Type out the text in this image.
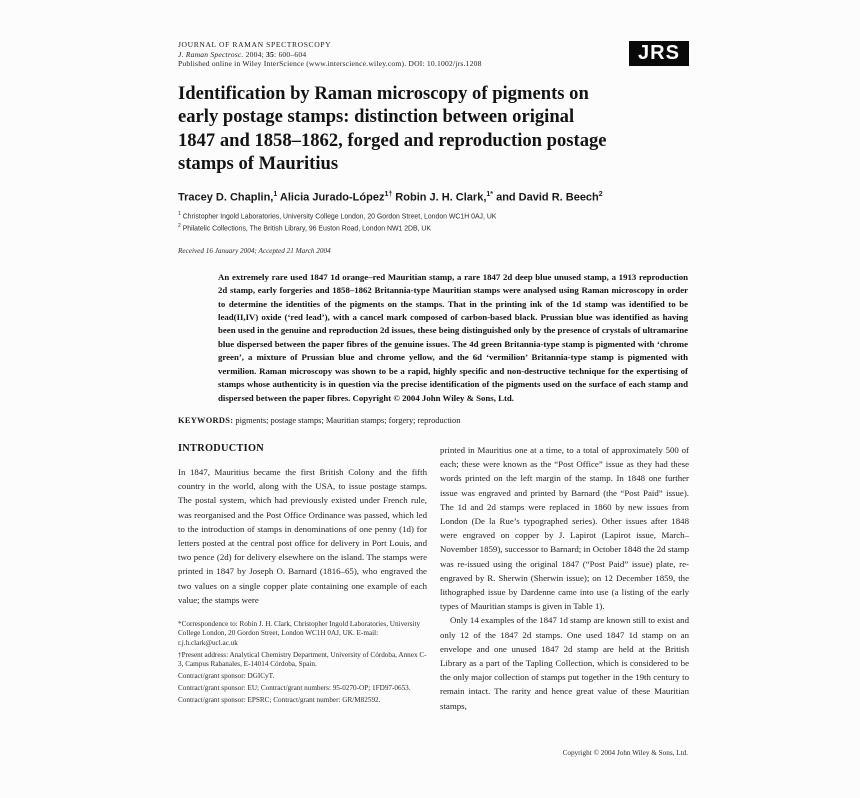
JOURNAL OF RAMAN SPECTROSCOPY
J. Raman Spectrosc. 2004; 35: 600–604
Published online in Wiley InterScience (www.interscience.wiley.com). DOI: 10.1002/jrs.1208	JRS
Identification by Raman microscopy of pigments on
early postage stamps: distinction between original
1847 and 1858–1862, forged and reproduction postage
stamps of Mauritius
Tracey D. Chaplin,$^1$ Alicia Jurado-López$^{1\dagger}$ Robin J. H. Clark,$^{1*}$ and David R. Beech$^2$
$^1$ Christopher Ingold Laboratories, University College London, 20 Gordon Street, London WC1H 0AJ, UK
$^2$ Philatelic Collections, The British Library, 96 Euston Road, London NW1 2DB, UK
Received 16 January 2004; Accepted 21 March 2004
An extremely rare used 1847 1d orange–red Mauritian stamp, a rare 1847 2d deep blue unused stamp, a 1913 reproduction 2d stamp, early forgeries and 1858–1862 Britannia-type Mauritian stamps were analysed using Raman microscopy in order to determine the identities of the pigments on the stamps. That in the printing ink of the 1d stamp was identified to be lead(II,IV) oxide (‘red lead’), with a cancel mark composed of carbon-based black. Prussian blue was identified as having been used in the genuine and reproduction 2d issues, these being distinguished only by the presence of crystals of ultramarine blue dispersed between the paper fibres of the genuine issues. The 4d green Britannia-type stamp is pigmented with ‘chrome green’, a mixture of Prussian blue and chrome yellow, and the 6d ‘vermilion’ Britannia-type stamp is pigmented with vermilion. Raman microscopy was shown to be a rapid, highly specific and non-destructive technique for the expertising of stamps whose authenticity is in question via the precise identification of the pigments used on the surface of each stamp and dispersed between the paper fibres. Copyright © 2004 John Wiley & Sons, Ltd.
KEYWORDS: pigments; postage stamps; Mauritian stamps; forgery; reproduction
INTRODUCTION

In 1847, Mauritius became the first British Colony and the fifth country in the world, along with the USA, to issue postage stamps. The postal system, which had previously existed under French rule, was reorganised and the Post Office Ordinance was passed, which led to the introduction of stamps in denominations of one penny (1d) for letters posted at the central post office for delivery in Port Louis, and two pence (2d) for delivery elsewhere on the island. The stamps were printed in 1847 by Joseph O. Barnard (1816–65), who engraved the two values on a single copper plate containing one example of each value; the stamps were

*Correspondence to: Robin J. H. Clark, Christopher Ingold Laboratories, University College London, 20 Gordon Street, London WC1H 0AJ, UK. E-mail: r.j.h.clark@ucl.ac.uk

†Present address: Analytical Chemistry Department, University of Córdoba, Annex C-3, Campus Rabanales, E-14014 Córdoba, Spain.

Contract/grant sponsor: DGICyT.

Contract/grant sponsor: EU; Contract/grant numbers: 95-0270-OP; 1FD97-0653.

Contract/grant sponsor: EPSRC; Contract/grant number: GR/M82592.

printed in Mauritius one at a time, to a total of approximately 500 of each; these were known as the “Post Office” issue as they had these words printed on the left margin of the stamp. In 1848 one further issue was engraved and printed by Barnard (the “Post Paid” issue). The 1d and 2d stamps were replaced in 1860 by new issues from London (De la Rue’s typographed series). Other issues after 1848 were engraved on copper by J. Lapirot (Lapirot issue, March–November 1859), successor to Barnard; in October 1848 the 2d stamp was re-issued using the original 1847 (“Post Paid” issue) plate, re-engraved by R. Sherwin (Sherwin issue); on 12 December 1859, the lithographed issue by Dardenne came into use (a listing of the early types of Mauritian stamps is given in Table 1).

Only 14 examples of the 1847 1d stamp are known still to exist and only 12 of the 1847 2d stamps. One used 1847 1d stamp on an envelope and one unused 1847 2d stamp are held at the British Library as a part of the Tapling Collection, which is considered to be the only major collection of stamps put together in the 19th century to remain intact. The rarity and hence great value of these Mauritian stamps,

Copyright © 2004 John Wiley & Sons, Ltd.
